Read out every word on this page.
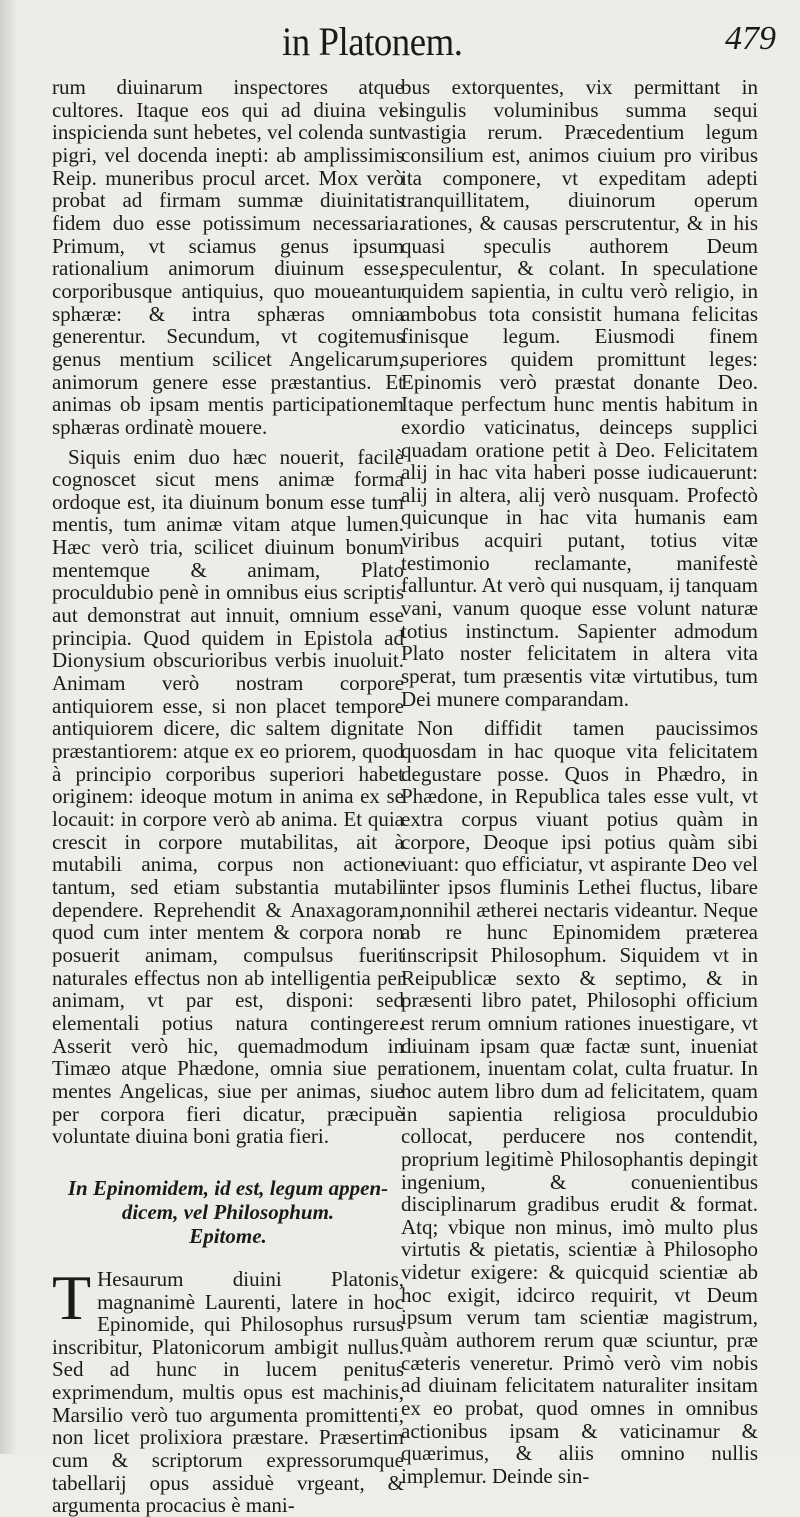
in Platonem.	479

rum diuinarum inspectores atque cultores. Itaque eos qui ad diuina vel inspicienda sunt hebetes, vel colenda sunt pigri, vel docenda inepti: ab amplissimis Reip. muneribus procul arcet. Mox verò probat ad firmam summæ diuinitatis fidem duo esse potissimum necessaria. Primum, vt sciamus genus ipsum rationalium animorum diuinum esse, corporibusque antiquius, quo moueantur sphæræ: & intra sphæras omnia generentur. Secundum, vt cogitemus genus mentium scilicet Angelicarum, animorum genere esse præstantius. Et animas ob ipsam mentis participationem sphæras ordinatè mouere.

Siquis enim duo hæc nouerit, facilè cognoscet sicut mens animæ forma ordoque est, ita diuinum bonum esse tum mentis, tum animæ vitam atque lumen. Hæc verò tria, scilicet diuinum bonum mentemque & animam, Plato proculdubio penè in omnibus eius scriptis aut demonstrat aut innuit, omnium esse principia. Quod quidem in Epistola ad Dionysium obscurioribus verbis inuoluit. Animam verò nostram corpore antiquiorem esse, si non placet tempore antiquiorem dicere, dic saltem dignitate præstantiorem: atque ex eo priorem, quod à principio corporibus superiori habet originem: ideoque motum in anima ex se locauit: in corpore verò ab anima. Et quia crescit in corpore mutabilitas, ait à mutabili anima, corpus non actione tantum, sed etiam substantia mutabili dependere. Reprehendit & Anaxagoram, quod cum inter mentem & corpora non posuerit animam, compulsus fuerit naturales effectus non ab intelligentia per animam, vt par est, disponi: sed elementali potius natura contingere. Asserit verò hic, quemadmodum in Timæo atque Phædone, omnia siue per mentes Angelicas, siue per animas, siue per corpora fieri dicatur, præcipuè voluntate diuina boni gratia fieri.

In Epinomidem, id est, legum appen-
dicem, vel Philosophum.
Epitome.
T Hesaurum diuini Platonis, magnanimè Laurenti, latere in hoc Epinomide, qui Philosophus rursus inscribitur, Platonicorum ambigit nullus. Sed ad hunc in lucem penitus exprimendum, multis opus est machinis, Marsilio verò tuo argumenta promittenti, non licet prolixiora præstare. Præsertim cum & scriptorum expressorumque tabellarij opus assiduè vrgeant, & argumenta procacius è mani-

bus extorquentes, vix permittant in singulis voluminibus summa sequi vastigia rerum. Præcedentium legum consilium est, animos ciuium pro viribus ita componere, vt expeditam adepti tranquillitatem, diuinorum operum rationes, & causas perscrutentur, & in his quasi speculis authorem Deum speculentur, & colant. In speculatione quidem sapientia, in cultu verò religio, in ambobus tota consistit humana felicitas finisque legum. Eiusmodi finem superiores quidem promittunt leges: Epinomis verò præstat donante Deo. Itaque perfectum hunc mentis habitum in exordio vaticinatus, deinceps supplici quadam oratione petit à Deo. Felicitatem alij in hac vita haberi posse iudicauerunt: alij in altera, alij verò nusquam. Profectò quicunque in hac vita humanis eam viribus acquiri putant, totius vitæ testimonio reclamante, manifestè falluntur. At verò qui nusquam, ij tanquam vani, vanum quoque esse volunt naturæ totius instinctum. Sapienter admodum Plato noster felicitatem in altera vita sperat, tum præsentis vitæ virtutibus, tum Dei munere comparandam.

Non diffidit tamen paucissimos quosdam in hac quoque vita felicitatem degustare posse. Quos in Phædro, in Phædone, in Republica tales esse vult, vt extra corpus viuant potius quàm in corpore, Deoque ipsi potius quàm sibi viuant: quo efficiatur, vt aspirante Deo vel inter ipsos fluminis Lethei fluctus, libare nonnihil ætherei nectaris videantur. Neque ab re hunc Epinomidem præterea inscripsit Philosophum. Siquidem vt in Reipublicæ sexto & septimo, & in præsenti libro patet, Philosophi officium est rerum omnium rationes inuestigare, vt diuinam ipsam quæ factæ sunt, inueniat rationem, inuentam colat, culta fruatur. In hoc autem libro dum ad felicitatem, quam in sapientia religiosa proculdubio collocat, perducere nos contendit, proprium legitimè Philosophantis depingit ingenium, & conuenientibus disciplinarum gradibus erudit & format. Atq; vbique non minus, imò multo plus virtutis & pietatis, scientiæ à Philosopho videtur exigere: & quicquid scientiæ ab hoc exigit, idcirco requirit, vt Deum ipsum verum tam scientiæ magistrum, quàm authorem rerum quæ sciuntur, præ cæteris veneretur. Primò verò vim nobis ad diuinam felicitatem naturaliter insitam ex eo probat, quod omnes in omnibus actionibus ipsam & vaticinamur & quærimus, & aliis omnino nullis implemur. Deinde sin-
